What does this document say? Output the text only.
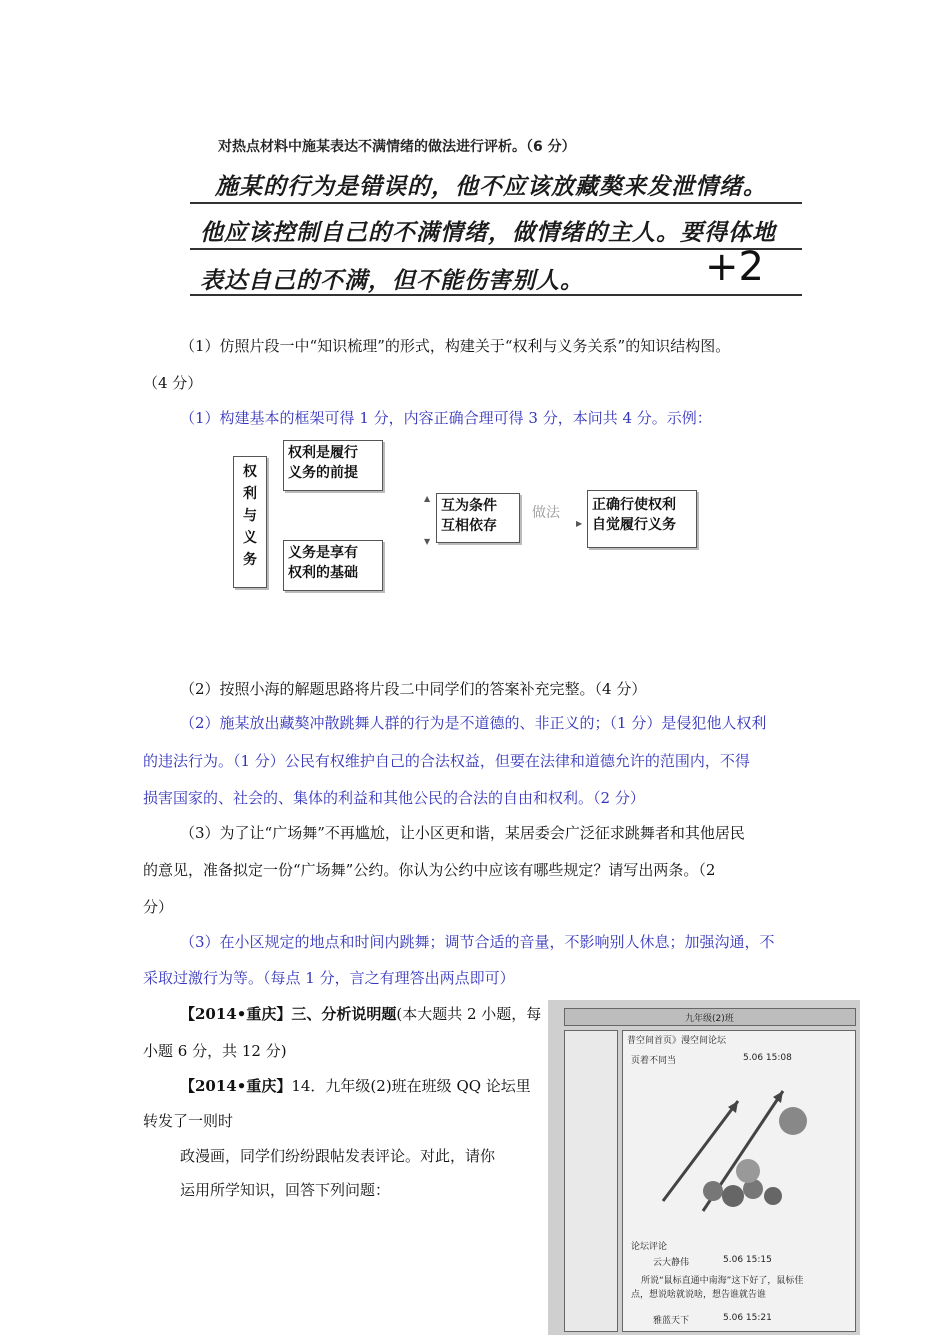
对热点材料中施某表达不满情绪的做法进行评析。（6 分）
施某的行为是错误的，他不应该放藏獒来发泄情绪。
他应该控制自己的不满情绪，做情绪的主人。要得体地
表达自己的不满，但不能伤害别人。	+2
（1）仿照片段一中“知识梳理”的形式，构建关于“权利与义务关系”的知识结构图。
（4 分）
（1）构建基本的框架可得 1 分，内容正确合理可得 3 分，本问共 4 分。示例：
权
利
与
义
务
权利是履行
义务的前提
义务是享有
权利的基础
▲
▼
互为条件
互相依存
做法
▶
正确行使权利
自觉履行义务
（2）按照小海的解题思路将片段二中同学们的答案补充完整。（4 分）
（2）施某放出藏獒冲散跳舞人群的行为是不道德的、非正义的；（1 分）是侵犯他人权利
的违法行为。（1 分）公民有权维护自己的合法权益，但要在法律和道德允许的范围内，不得
损害国家的、社会的、集体的利益和其他公民的合法的自由和权利。（2 分）
（3）为了让“广场舞”不再尴尬，让小区更和谐，某居委会广泛征求跳舞者和其他居民
的意见，准备拟定一份“广场舞”公约。你认为公约中应该有哪些规定？请写出两条。（2
分）
（3）在小区规定的地点和时间内跳舞；调节合适的音量，不影响别人休息；加强沟通，不
采取过激行为等。（每点 1 分，言之有理答出两点即可）
【2014•重庆】三、分析说明题(本大题共 2 小题，每
小题 6 分，共 12 分)
【2014•重庆】14．九年级(2)班在班级 QQ 论坛里
转发了一则时
政漫画，同学们纷纷跟帖发表评论。对此，请你
运用所学知识，回答下列问题：
九年级(2)班
普空间首页》漫空间论坛
页着不同当	5.06 15:08
论坛评论
云大静伟	5.06 15:15
所说“鼠标直通中南海”这下好了，鼠标佳
点，想说啥就说啥，想告谁就告谁
雅蓝天下	5.06 15:21
